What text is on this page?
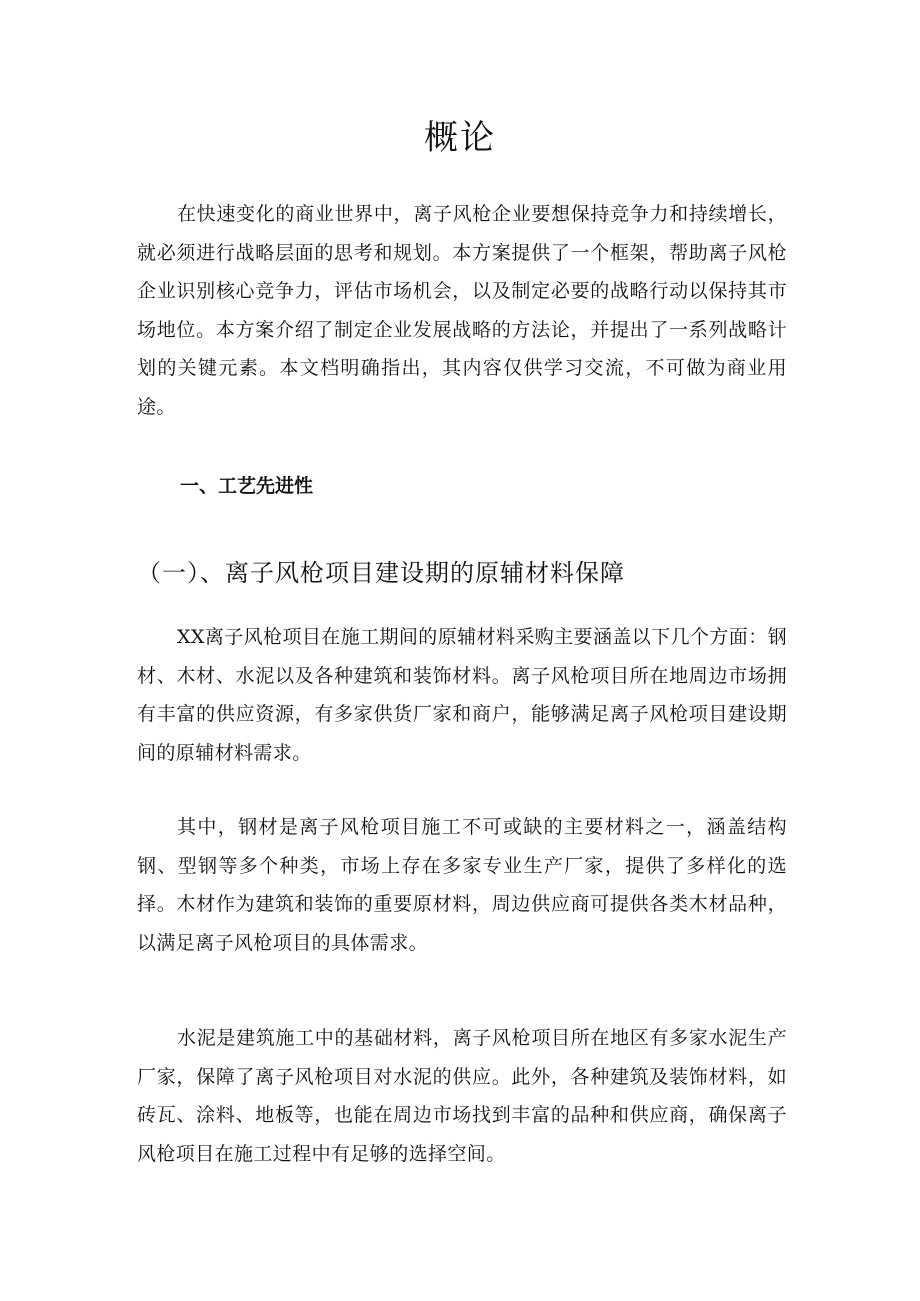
概论

在快速变化的商业世界中，离子风枪企业要想保持竞争力和持续增长，就必须进行战略层面的思考和规划。本方案提供了一个框架，帮助离子风枪企业识别核心竞争力，评估市场机会，以及制定必要的战略行动以保持其市场地位。本方案介绍了制定企业发展战略的方法论，并提出了一系列战略计划的关键元素。本文档明确指出，其内容仅供学习交流，不可做为商业用途。

一、工艺先进性
（一）、离子风枪项目建设期的原辅材料保障

XX离子风枪项目在施工期间的原辅材料采购主要涵盖以下几个方面：钢材、木材、水泥以及各种建筑和装饰材料。离子风枪项目所在地周边市场拥有丰富的供应资源，有多家供货厂家和商户，能够满足离子风枪项目建设期间的原辅材料需求。

其中，钢材是离子风枪项目施工不可或缺的主要材料之一，涵盖结构钢、型钢等多个种类，市场上存在多家专业生产厂家，提供了多样化的选择。木材作为建筑和装饰的重要原材料，周边供应商可提供各类木材品种，以满足离子风枪项目的具体需求。

水泥是建筑施工中的基础材料，离子风枪项目所在地区有多家水泥生产厂家，保障了离子风枪项目对水泥的供应。此外，各种建筑及装饰材料，如砖瓦、涂料、地板等，也能在周边市场找到丰富的品种和供应商，确保离子风枪项目在施工过程中有足够的选择空间。
